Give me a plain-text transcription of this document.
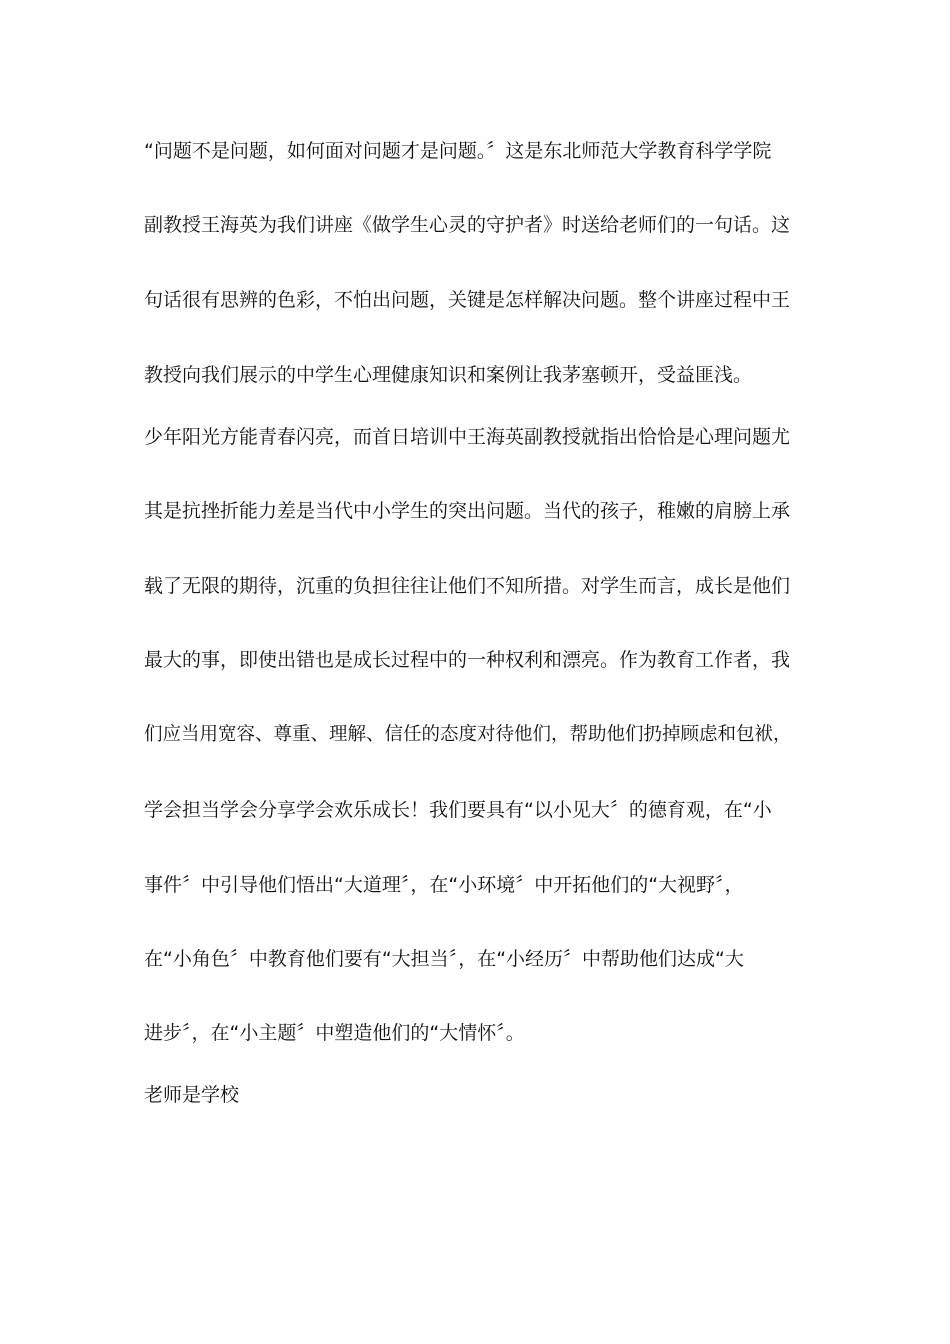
“问题不是问题，如何面对问题才是问题。〞这是东北师范大学教育科学学院
副教授王海英为我们讲座《做学生心灵的守护者》时送给老师们的一句话。这
句话很有思辨的色彩，不怕出问题，关键是怎样解决问题。整个讲座过程中王
教授向我们展示的中学生心理健康知识和案例让我茅塞顿开，受益匪浅。
少年阳光方能青春闪亮，而首日培训中王海英副教授就指出恰恰是心理问题尤
其是抗挫折能力差是当代中小学生的突出问题。当代的孩子，稚嫩的肩膀上承
载了无限的期待，沉重的负担往往让他们不知所措。对学生而言，成长是他们
最大的事，即使出错也是成长过程中的一种权利和漂亮。作为教育工作者，我
们应当用宽容、尊重、理解、信任的态度对待他们，帮助他们扔掉顾虑和包袱，
学会担当学会分享学会欢乐成长！我们要具有“以小见大〞的德育观，在“小
事件〞中引导他们悟出“大道理〞，在“小环境〞中开拓他们的“大视野〞，
在“小角色〞中教育他们要有“大担当〞，在“小经历〞中帮助他们达成“大
进步〞，在“小主题〞中塑造他们的“大情怀〞。
老师是学校
